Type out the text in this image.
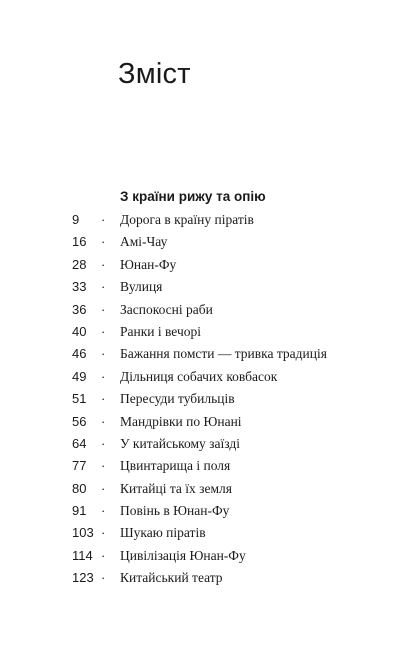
Зміст
З країни рижу та опію
9	· Дорога в країну піратів
16	· Амі-Чау
28	· Юнан-Фу
33	· Вулиця
36	· Заспокосні раби
40	· Ранки і вечорі
46	· Бажання помсти — тривка традиція
49	· Дільниця собачих ковбасок
51	· Пересуди тубильців
56	· Мандрівки по Юнані
64	· У китайському заїзді
77	· Цвинтарища і поля
80	· Китайці та їх земля
91	· Повінь в Юнан-Фу
103 · Шукаю піратів
114 · Цивілізація Юнан-Фу
123 · Китайський театр
